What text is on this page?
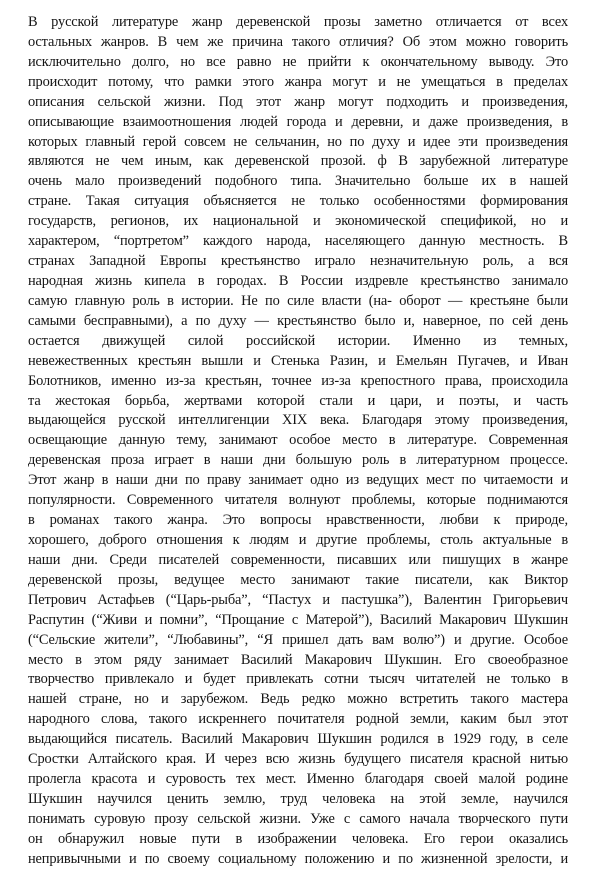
В русской литературе жанр деревенской прозы заметно отличается от всех
остальных жанров. В чем же причина такого отличия? Об этом можно говорить
исключительно долго, но все равно не прийти к окончательному выводу. Это
происходит потому, что рамки этого жанра могут и не умещаться в пределах
описания сельской жизни. Под этот жанр могут подходить и произведения,
описывающие взаимоотношения людей города и деревни, и даже произведения, в
которых главный герой совсем не сельчанин, но по духу и идее эти произведения
являются не чем иным, как деревенской прозой. ф В зарубежной литературе
очень мало произведений подобного типа. Значительно больше их в нашей
стране. Такая ситуация объясняется не только особенностями формирования
государств, регионов, их национальной и экономической спецификой, но и
характером, “портретом” каждого народа, населяющего данную местность. В
странах Западной Европы крестьянство играло незначительную роль, а вся
народная жизнь кипела в городах. В России издревле крестьянство занимало
самую главную роль в истории. Не по силе власти (на- оборот — крестьяне были
самыми бесправными), а по духу — крестьянство было и, наверное, по сей день
остается движущей силой российской истории. Именно из темных,
невежественных крестьян вышли и Стенька Разин, и Емельян Пугачев, и Иван
Болотников, именно из-за крестьян, точнее из-за крепостного права, происходила
та жестокая борьба, жертвами которой стали и цари, и поэты, и часть
выдающейся русской интеллигенции XIX века. Благодаря этому произведения,
освещающие данную тему, занимают особое место в литературе. Современная
деревенская проза играет в наши дни большую роль в литературном процессе.
Этот жанр в наши дни по праву занимает одно из ведущих мест по читаемости и
популярности. Современного читателя волнуют проблемы, которые поднимаются
в романах такого жанра. Это вопросы нравственности, любви к природе,
хорошего, доброго отношения к людям и другие проблемы, столь актуальные в
наши дни. Среди писателей современности, писавших или пишущих в жанре
деревенской прозы, ведущее место занимают такие писатели, как Виктор
Петрович Астафьев (“Царь-рыба”, “Пастух и пастушка”), Валентин Григорьевич
Распутин (“Живи и помни”, “Прощание с Матерой”), Василий Макарович Шукшин
(“Сельские жители”, “Любавины”, “Я пришел дать вам волю”) и другие. Особое
место в этом ряду занимает Василий Макарович Шукшин. Его своеобразное
творчество привлекало и будет привлекать сотни тысяч читателей не только в
нашей стране, но и зарубежом. Ведь редко можно встретить такого мастера
народного слова, такого искреннего почитателя родной земли, каким был этот
выдающийся писатель. Василий Макарович Шукшин родился в 1929 году, в селе
Сростки Алтайского края. И через всю жизнь будущего писателя красной нитью
пролегла красота и суровость тех мест. Именно благодаря своей малой родине
Шукшин научился ценить землю, труд человека на этой земле, научился
понимать суровую прозу сельской жизни. Уже с самого начала творческого пути
он обнаружил новые пути в изображении человека. Его герои оказались
непривычными и по своему социальному положению и по жизненной зрелости, и
